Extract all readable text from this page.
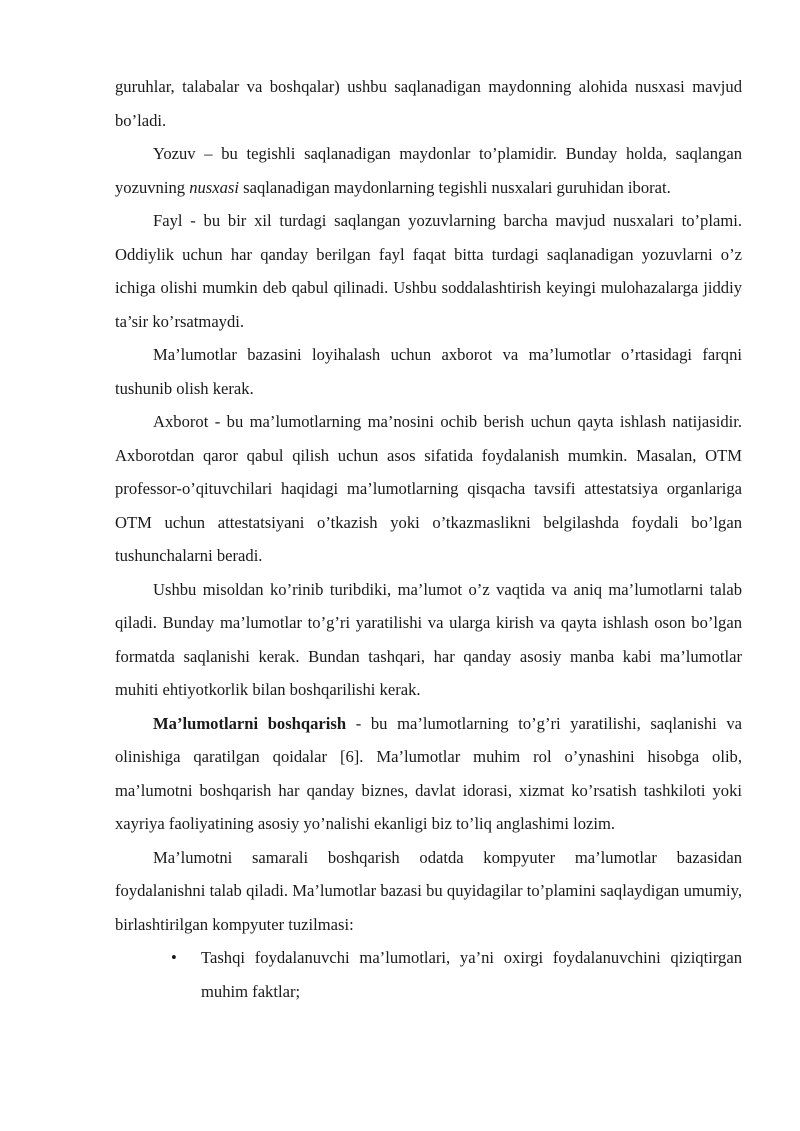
guruhlar, talabalar va boshqalar) ushbu saqlanadigan maydonning alohida nusxasi mavjud bo’ladi.

Yozuv – bu tegishli saqlanadigan maydonlar to’plamidir. Bunday holda, saqlangan yozuvning nusxasi saqlanadigan maydonlarning tegishli nusxalari guruhidan iborat.

Fayl - bu bir xil turdagi saqlangan yozuvlarning barcha mavjud nusxalari to’plami. Oddiylik uchun har qanday berilgan fayl faqat bitta turdagi saqlanadigan yozuvlarni o’z ichiga olishi mumkin deb qabul qilinadi. Ushbu soddalashtirish keyingi mulohazalarga jiddiy ta’sir ko’rsatmaydi.

Ma’lumotlar bazasini loyihalash uchun axborot va ma’lumotlar o’rtasidagi farqni tushunib olish kerak.

Axborot - bu ma’lumotlarning ma’nosini ochib berish uchun qayta ishlash natijasidir. Axborotdan qaror qabul qilish uchun asos sifatida foydalanish mumkin. Masalan, OTM professor-o’qituvchilari haqidagi ma’lumotlarning qisqacha tavsifi attestatsiya organlariga OTM uchun attestatsiyani o’tkazish yoki o’tkazmaslikni belgilashda foydali bo’lgan tushunchalarni beradi.

Ushbu misoldan ko’rinib turibdiki, ma’lumot o’z vaqtida va aniq ma’lumotlarni talab qiladi. Bunday ma’lumotlar to’g’ri yaratilishi va ularga kirish va qayta ishlash oson bo’lgan formatda saqlanishi kerak. Bundan tashqari, har qanday asosiy manba kabi ma’lumotlar muhiti ehtiyotkorlik bilan boshqarilishi kerak.

Ma’lumotlarni boshqarish - bu ma’lumotlarning to’g’ri yaratilishi, saqlanishi va olinishiga qaratilgan qoidalar [6]. Ma’lumotlar muhim rol o’ynashini hisobga olib, ma’lumotni boshqarish har qanday biznes, davlat idorasi, xizmat ko’rsatish tashkiloti yoki xayriya faoliyatining asosiy yo’nalishi ekanligi biz to’liq anglashimi lozim.

Ma’lumotni samarali boshqarish odatda kompyuter ma’lumotlar bazasidan foydalanishni talab qiladi. Ma’lumotlar bazasi bu quyidagilar to’plamini saqlaydigan umumiy, birlashtirilgan kompyuter tuzilmasi:

• Tashqi foydalanuvchi ma’lumotlari, ya’ni oxirgi foydalanuvchini qiziqtirgan muhim faktlar;
